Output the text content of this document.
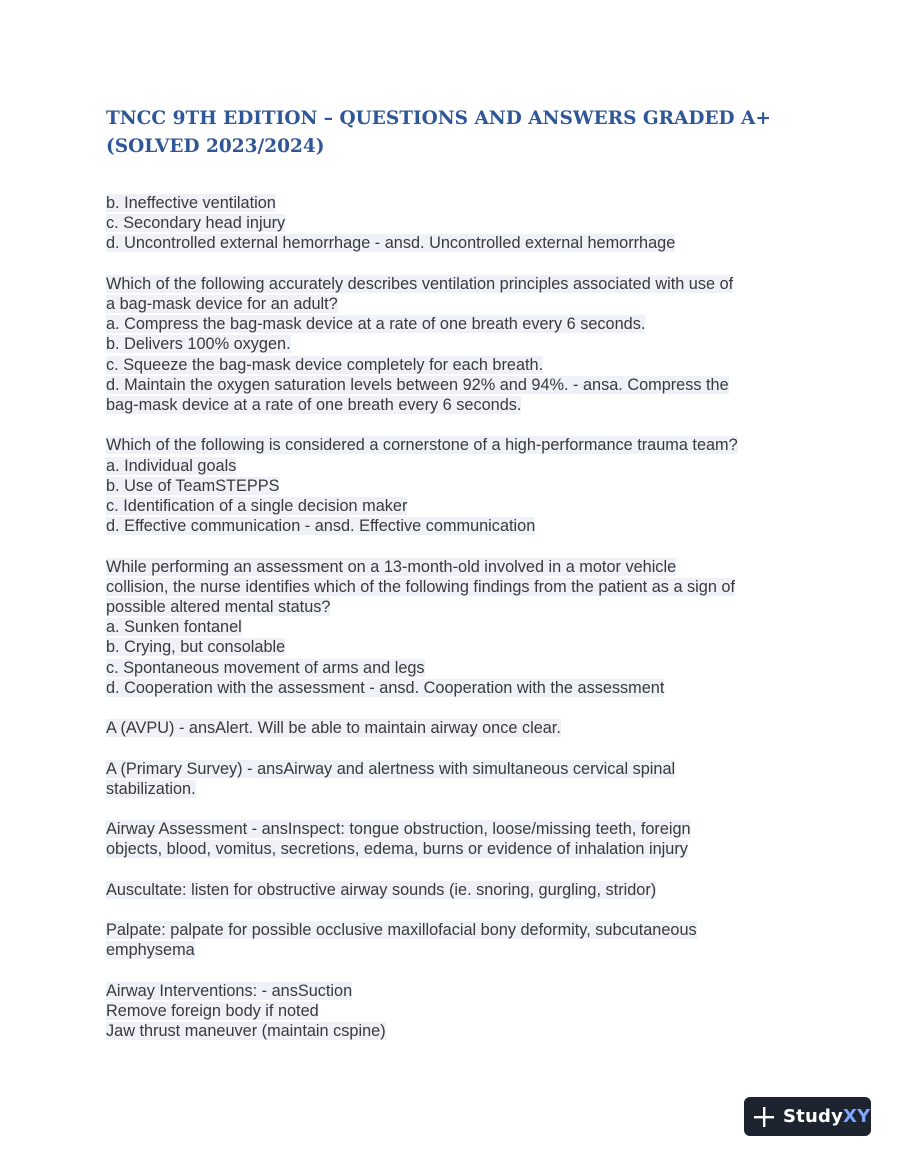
TNCC 9TH EDITION – QUESTIONS AND ANSWERS GRADED A+ (SOLVED 2023/2024)
b. Ineffective ventilation
c. Secondary head injury
d. Uncontrolled external hemorrhage - ansd. Uncontrolled external hemorrhage
Which of the following accurately describes ventilation principles associated with use of
a bag-mask device for an adult?
a. Compress the bag-mask device at a rate of one breath every 6 seconds.
b. Delivers 100% oxygen.
c. Squeeze the bag-mask device completely for each breath.
d. Maintain the oxygen saturation levels between 92% and 94%. - ansa. Compress the
bag-mask device at a rate of one breath every 6 seconds.
Which of the following is considered a cornerstone of a high-performance trauma team?
a. Individual goals
b. Use of TeamSTEPPS
c. Identification of a single decision maker
d. Effective communication - ansd. Effective communication
While performing an assessment on a 13-month-old involved in a motor vehicle
collision, the nurse identifies which of the following findings from the patient as a sign of
possible altered mental status?
a. Sunken fontanel
b. Crying, but consolable
c. Spontaneous movement of arms and legs
d. Cooperation with the assessment - ansd. Cooperation with the assessment
A (AVPU) - ansAlert. Will be able to maintain airway once clear.
A (Primary Survey) - ansAirway and alertness with simultaneous cervical spinal
stabilization.
Airway Assessment - ansInspect: tongue obstruction, loose/missing teeth, foreign
objects, blood, vomitus, secretions, edema, burns or evidence of inhalation injury
Auscultate: listen for obstructive airway sounds (ie. snoring, gurgling, stridor)
Palpate: palpate for possible occlusive maxillofacial bony deformity, subcutaneous
emphysema
Airway Interventions: - ansSuction
Remove foreign body if noted
Jaw thrust maneuver (maintain cspine)
StudyXY
